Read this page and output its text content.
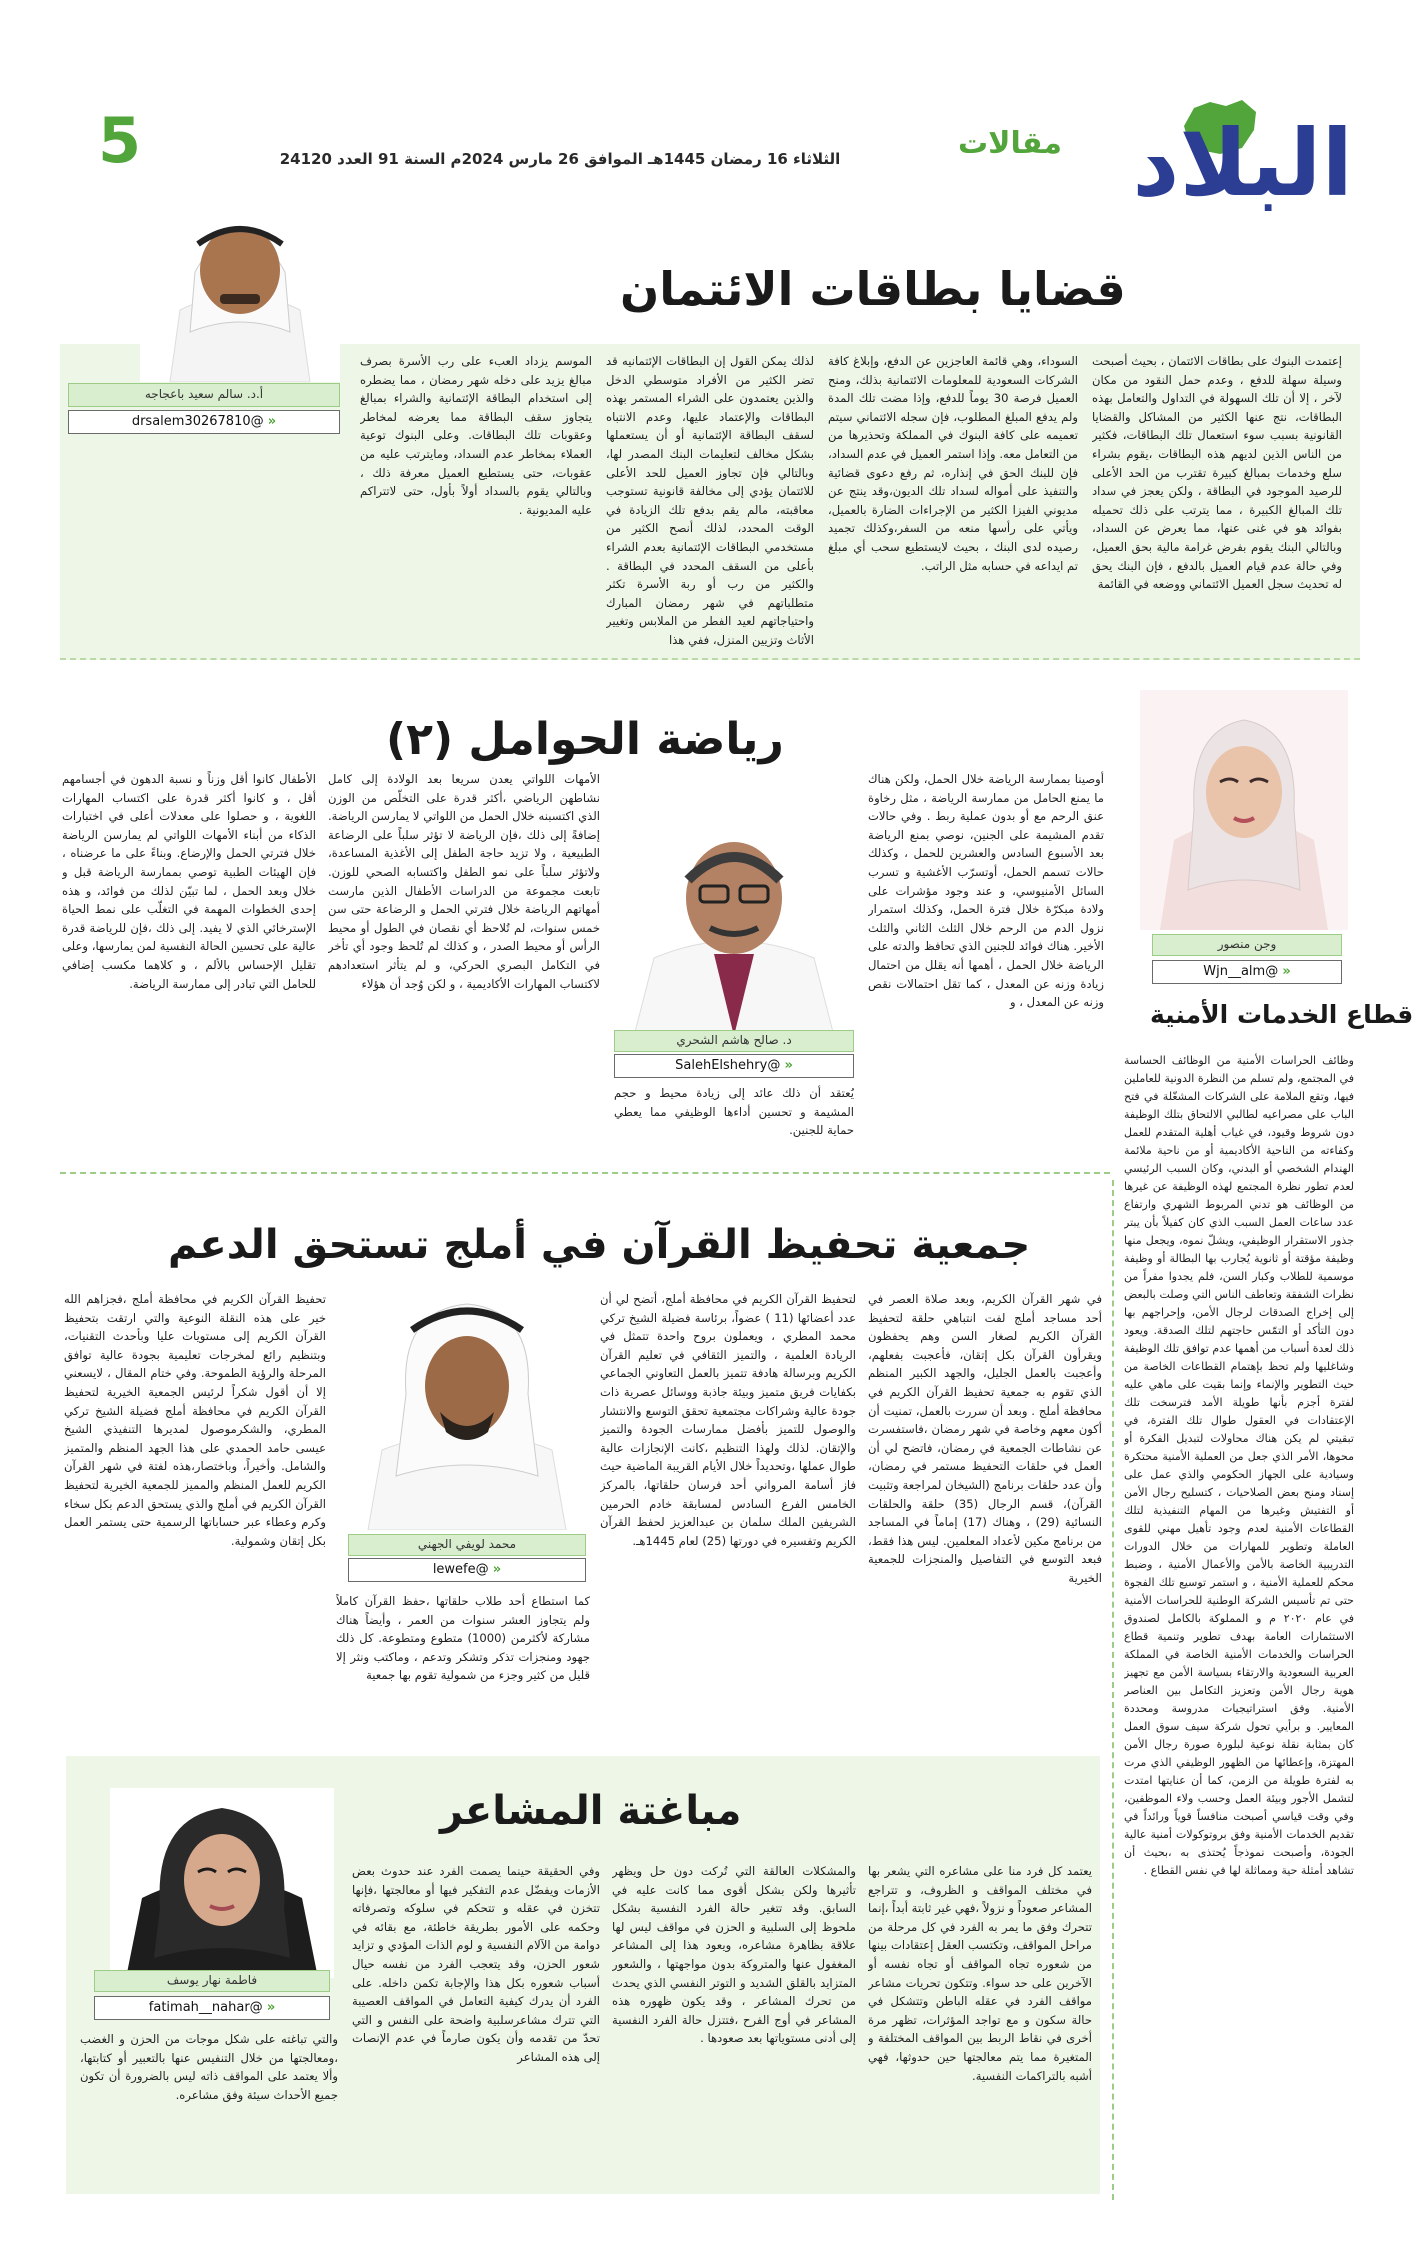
البلاد
مقالات
الثلاثاء 16 رمضان 1445هـ الموافق 26 مارس 2024م السنة 91 العدد 24120
5
أ.د. سالم سعيد باعجاجه
« @drsalem30267810
قضايا بطاقات الائتمان
إعتمدت البنوك على بطاقات الائتمان ، بحيث أصبحت وسيلة سهلة للدفع ، وعدم حمل النقود من مكان لآخر ، إلا أن تلك السهولة في التداول والتعامل بهذه البطاقات، نتج عنها الكثير من المشاكل والقضايا القانونية بسبب سوء استعمال تلك البطاقات، فكثير من الناس الذين لديهم هذه البطاقات ،يقوم بشراء سلع وخدمات بمبالغ كبيرة تقترب من الحد الأعلى للرصيد الموجود في البطاقة ، ولكن يعجز في سداد تلك المبالغ الكبيرة ، مما يترتب على ذلك تحميله بفوائد هو في غنى عنها، مما يعرض عن السداد، وبالتالي البنك يقوم بفرض غرامة مالية بحق العميل، وفي حالة عدم قيام العميل بالدفع ، فإن البنك يحق له تحديث سجل العميل الائتماني ووضعه في القائمة
السوداء، وهي قائمة العاجزين عن الدفع، وإبلاغ كافة الشركات السعودية للمعلومات الائتمانية بذلك، ومنح العميل فرصة 30 يوماً للدفع، وإذا مضت تلك المدة ولم يدفع المبلغ المطلوب، فإن سجله الائتماني سيتم تعميمه على كافة البنوك في المملكة وتحذيرها من من التعامل معه. وإذا استمر العميل في عدم السداد، فإن للبنك الحق في إنذاره، ثم رفع دعوى قضائية والتنفيذ على أمواله لسداد تلك الديون،وقد ينتج عن مديوني الفيزا الكثير من الإجراءات الضارة بالعميل، ويأتي على رأسها منعه من السفر،وكذلك تجميد رصيده لدى البنك ، بحيث لايستطيع سحب أي مبلغ تم ايداعه في حسابه مثل الراتب.
لذلك يمكن القول إن البطاقات الإئتمانيه قد تضر الكثير من الأفراد متوسطي الدخل والذين يعتمدون على الشراء المستمر بهذه البطاقات والإعتماد عليها، وعدم الانتباه لسقف البطاقة الإئتمانية أو أن يستعملها بشكل مخالف لتعليمات البنك المصدر لها، وبالتالي فإن تجاوز العميل للحد الأعلى للائتمان يؤدي إلى مخالفة قانونية تستوجب معاقبته، مالم يقم بدفع تلك الزيادة في الوقت المحدد، لذلك أنصح الكثير من مستخدمي البطاقات الإئتمانية بعدم الشراء بأعلى من السقف المحدد في البطاقة . والكثير من رب أو ربة الأسرة تكثر متطلباتهم في شهر رمضان المبارك واحتياجاتهم لعيد الفطر من الملابس وتغيير الأثاث وتزيين المنزل، ففي هذا
الموسم يزداد العبء على رب الأسرة بصرف مبالغ يزيد على دخله شهر رمضان ، مما يضطره إلى استخدام البطاقة الإئتمانية والشراء بمبالغ يتجاوز سقف البطاقة مما يعرضه لمخاطر وعقوبات تلك البطاقات. وعلى البنوك توعية العملاء بمخاطر عدم السداد، ومايترتب عليه من عقوبات، حتى يستطيع العميل معرفة ذلك ، وبالتالي يقوم بالسداد أولاً بأول، حتى لاتتراكم عليه المديونية .
رياضة الحوامل (٢)
د. صالح هاشم الشحري
« @SalehElshehry
أوصينا بممارسة الرياضة خلال الحمل، ولكن هناك ما يمنع الحامل من ممارسة الرياضة ، مثل رخاوة عنق الرحم مع أو بدون عملية ربط . وفي حالات تقدم المشيمة على الجنين، نوصي بمنع الرياضة بعد الأسبوع السادس والعشرين للحمل ، وكذلك حالات تسمم الحمل، أوتسرّب الأغشية و تسرب السائل الأمنيوسي، و عند وجود مؤشرات على ولادة مبكرّة خلال فترة الحمل، وكذلك استمرار نزول الدم من الرحم خلال الثلث الثاني والثلث الأخير. هناك فوائد للجنين الذي تحافظ والدته على الرياضة خلال الحمل ، أهمها أنه يقلل من احتمال زيادة وزنه عن المعدل ، كما تقل احتمالات نقص وزنه عن المعدل ، و
يُعتقد أن ذلك عائد إلى زيادة محيط و حجم المشيمة و تحسين أداءها الوظيفي مما يعطي حماية للجنين.
الأمهات اللواتي يعدن سريعا بعد الولادة إلى كامل نشاطهن الرياضي ،أكثر قدرة على التخلّص من الوزن الذي اكتسبنه خلال الحمل من اللواتي لا يمارسن الرياضة. إضافةً إلى ذلك ،فإن الرياضة لا تؤثر سلباً على الرضاعة الطبيعية ، ولا تزيد حاجة الطفل إلى الأغذية المساعدة، ولاتؤثر سلباً على نمو الطفل واكتسابه الصحي للوزن. تابعت مجموعة من الدراسات الأطفال الذين مارست أمهاتهم الرياضة خلال فترتي الحمل و الرضاعة حتى سن خمس سنوات، لم تُلاحظ أي نقصان في الطول أو محيط الرأس أو محيط الصدر ، و كذلك لم تُلحظ وجود أي تأخر في التكامل البصري الحركي، و لم يتأثر استعدادهم لاكتساب المهارات الأكاديمية ، و لكن وُجد أن هؤلاء
الأطفال كانوا أقل وزناً و نسبة الدهون في أجسامهم أقل ، و كانوا أكثر قدرة على اكتساب المهارات اللغوية ، و حصلوا على معدلات أعلى في اختبارات الذكاء من أبناء الأمهات اللواتي لم يمارسن الرياضة خلال فترتي الحمل والإرضاع. وبناءً على ما عرضناه ، فإن الهيئات الطبية توصي بممارسة الرياضة قبل و خلال وبعد الحمل ، لما تبيّن لذلك من فوائد، و هذه إحدى الخطوات المهمة في التغلّب على نمط الحياة الإسترخائي الذي لا يفيد. إلى ذلك ،فإن للرياضة قدرة عالية على تحسين الحالة النفسية لمن يمارسها، وعلى تقليل الإحساس بالألم ، و كلاهما مكسب إضافي للحامل التي تبادر إلى ممارسة الرياضة.
وجن منصور
« @Wjn__alm
قطاع الخدمات الأمنية
وظائف الحراسات الأمنية من الوظائف الحساسة في المجتمع، ولم تسلم من النظرة الدونية للعاملين فيها، وتقع الملامة على الشركات المشغّلة في فتح الباب على مصراعيه لطالبي الالتحاق بتلك الوظيفة دون شروط وقيود، في غياب أهلية المتقدم للعمل وكفاءته من الناحية الأكاديمية أو من ناحية ملائمة الهندام الشخصي أو البدني، وكان السبب الرئيسي لعدم تطور نظرة المجتمع لهذه الوظيفة عن غيرها من الوظائف هو تدني المربوط الشهري وارتفاع عدد ساعات العمل السبب الذي كان كفيلاً بأن يبتر جذور الاستقرار الوظيفي، ويشلّ نموه، ويجعل منها وظيفة مؤقتة أو ثانوية يُجارب بها البطالة أو وظيفة موسمية للطلاب وكبار السن، فلم يجدوا مفراً من نظرات الشفقة وتعاطف الناس التي وصلت بالبعض إلى إخراج الصدقات لرجال الأمن، وإحراجهم بها دون التأكد أو التمّس حاجتهم لتلك الصدقة. ويعود ذلك لعدة أسباب من أهمها عدم توافق تلك الوظيفة وشاغليها ولم تحظ بإهتمام القطاعات الخاصة من حيث التطوير والإنماء وإنما بقيت على ماهي عليه لفترة أجزم بأنها طويلة الأمد فترسخت تلك الإعتقادات في العقول طوال تلك الفترة، في تبقيتي لم يكن هناك محاولات لتبديل الفكرة أو محوها، الأمر الذي جعل من العملية الأمنية محتكرة وسيادية على الجهاز الحكومي والذي عمل على إسناد ومنح بعض الصلاحيات ، كتسليح رجال الأمن أو التفتيش وغيرها من المهام التنفيذية لتلك القطاعات الأمنية لعدم وجود تأهيل مهني للقوى العاملة وتطوير للمهارات من خلال الدورات التدريبية الخاصة بالأمن والأعمال الأمنية ، وضبط محكم للعملية الأمنية ، و استمر توسيع تلك الفجوة حتى تم تأسيس الشركة الوطنية للحراسات الأمنية في عام ٢٠٢٠ م و المملوكة بالكامل لصندوق الاستثمارات العامة بهدف تطوير وتنمية قطاع الحراسات والخدمات الأمنية الخاصة في المملكة العربية السعودية والارتقاء بسياسة الأمن مع تجهيز هوية رجال الأمن وتعزيز التكامل بين العناصر الأمنية. وفق استراتيجيات مدروسة ومحددة المعايير. و برأيي تحول شركة سيف سوق العمل كان بمثابة نقلة نوعية لبلورة صورة رجال الأمن المهتزة، وإعطائها من الظهور الوظيفي الذي مرت به لفترة طويلة من الزمن، كما أن عنايتها امتدت لتشمل الأجور وبيئة العمل وحسب ولاء الموظفين، وفي وقت قياسي أصبحت منافساً قوياً ورائداً في تقديم الخدمات الأمنية وفق بروتوكولات أمنية عالية الجودة، وأصبحت نموذجاً يُحتذى به ،بحيث أن تشاهد أمثلة حية ومماثلة لها في نفس القطاع .
جمعية تحفيظ القرآن في أملج تستحق الدعم
محمد لويفي الجهني
« @lewefe
في شهر القرآن الكريم، وبعد صلاة العصر في أحد مساجد أملج لفت انتباهي حلقة لتحفيظ القرآن الكريم لصغار السن وهم يحفظون ويقرأون القرآن بكل إتقان، فأعجبت بفعلهم، وأعجبت بالعمل الجليل، والجهد الكبير المنظم الذي تقوم به جمعية تحفيظ القرآن الكريم في محافظة أملج . وبعد أن سررت بالعمل، تمنيت أن أكون معهم وخاصة في شهر رمضان ،فاستفسرت عن نشاطات الجمعية في رمضان، فاتضح لي أن العمل في حلقات التحفيظ مستمر في رمضان، وأن عدد حلقات برنامج (الشيخان لمراجعة وتثبيت القرآن)، قسم الرجال (35) حلقة والحلقات النسائية (29) ، وهناك (17) إماماً في المساجد من برنامج مكين لأعداد المعلمين. ليس هذا فقط، فبعد التوسع في التفاصيل والمنجزات للجمعية الخيرية
لتحفيظ القرآن الكريم في محافظة أملج، أتضح لي أن عدد أعضائها (11 ) عضواً، برئاسة فضيلة الشيخ تركي محمد المطري ، ويعملون بروح واحدة تتمثل في الريادة العلمية ، والتميز الثقافي في تعليم القرآن الكريم وبرسالة هادفة تتميز بالعمل التعاوني الجماعي بكفايات فريق متميز وبيئة جاذبة ووسائل عصرية ذات جودة عالية وشراكات مجتمعية تحقق التوسع والانتشار والوصول للتميز بأفضل ممارسات الجودة والتميز والإتقان. لذلك ولهذا التنظيم ،كانت الإنجازات عالية طوال عملها ،وتحديداً خلال الأيام القريبة الماضية حيث فاز أسامة المرواني أحد فرسان حلقاتها، بالمركز الخامس الفرع السادس لمسابقة خادم الحرمين الشريفين الملك سلمان بن عبدالعزيز لحفظ القرآن الكريم وتفسيره في دورتها (25) لعام 1445هـ.
كما استطاع أحد طلاب حلقاتها ،حفظ القرآن كاملاً ولم يتجاوز العشر سنوات من العمر ، وأيضاً هناك مشاركة لأكثرمن (1000) متطوع ومتطوعة. كل ذلك جهود ومنجزات تذكر وتشكر وتدعم ، وماكتب ونثر إلا قليل من كثير وجزء من شمولية تقوم بها جمعية
تحفيظ القرآن الكريم في محافظة أملج ،فجزاهم الله خير على هذه النقلة النوعية والتي ارتقت بتحفيظ القرآن الكريم إلى مستويات عليا وبأحدث التقنيات، وبتنظيم رائع لمخرجات تعليمية بجودة عالية توافق المرحلة والرؤية الطموحة. وفي ختام المقال ، لايسعني إلا أن أقول شكراً لرئيس الجمعية الخيرية لتحفيظ القرآن الكريم في محافظة أملج فضيلة الشيخ تركي المطري، والشكرموصول لمديرها التنفيذي الشيخ عيسى حامد الحمدي على هذا الجهد المنظم والمتميز والشامل. وأخيراً، وباختصار،هذه لفتة في شهر القرآن الكريم للعمل المنظم والمميز للجمعية الخيرية لتحفيظ القرآن الكريم في أملج والذي يستحق الدعم بكل سخاء وكرم وعطاء عبر حساباتها الرسمية حتى يستمر العمل بكل إتقان وشمولية.
مباغتة المشاعر
فاطمة نهار يوسف
« @fatimah__nahar
يعتمد كل فرد منا على مشاعره التي يشعر بها في مختلف المواقف و الظروف، و تتراجع المشاعر صعوداً و نزولاً ،فهي غير ثابتة أبداً ،إنما تتحرك وفق ما يمر به الفرد في كل مرحلة من مراحل المواقف، وتكتسب العقل إعتقادات بينها من شعوره تجاه المواقف أو تجاه نفسه أو الآخرين على حد سواء. وتتكون تحريات مشاعر مواقف الفرد في عقله الباطن وتتشكل في حالة سكون و مع تواجد المؤثرات، تظهر مرة أخرى في نقاط الربط بين المواقف المختلفة و المتغيرة مما يتم معالجتها حين حدوثها، فهي أشبه بالتراكمات النفسية.
والمشكلات العالقة التي تُركت دون حل ويظهر تأثيرها ولكن بشكل أقوى مما كانت عليه في السابق. وقد تتغير حالة الفرد النفسية بشكل ملحوظ إلى السلبية و الحزن في مواقف ليس لها علاقة بظاهرة مشاعره، ويعود هذا إلى المشاعر المغفول عنها والمتروكة بدون مواجهتها ، والشعور المتزايد بالقلق الشديد و التوتر النفسي الذي يحدث من تحرك المشاعر ، وقد يكون ظهوره هذه المشاعر في أوج الفرح ،فتتزل حالة الفرد النفسية إلى أدنى مستوياتها بعد صعودها .
وفي الحقيقة حينما يصمت الفرد عند حدوث بعض الأزمات ويفضّل عدم التفكير فيها أو معالجتها ،فإنها تتخزن في عقله و تتحكم في سلوكه وتصرفاته وحكمه على الأمور بطريقة خاطئة، مع بقائه في دوامة من الآلام النفسية و لوم الذات المؤدي و تزايد شعور الحزن، وقد يتعجب الفرد من نفسه حيال أسباب شعوره بكل هذا والإجابة تكمن داخله. على الفرد أن يدرك كيفية التعامل في المواقف العصيبة التي تترك مشاعرسلبية واضحة على النفس و التي تحدّ من تقدمه وأن يكون صارماً في عدم الإنصات إلى هذه المشاعر
والتي تباغته على شكل موجات من الحزن و الغضب ،ومعالجتها من خلال التنفيس عنها بالتعبير أو كتابتها، وألا يعتمد على المواقف ذاته ليس بالضرورة أن تكون جميع الأحداث سيئة وفق مشاعره.
